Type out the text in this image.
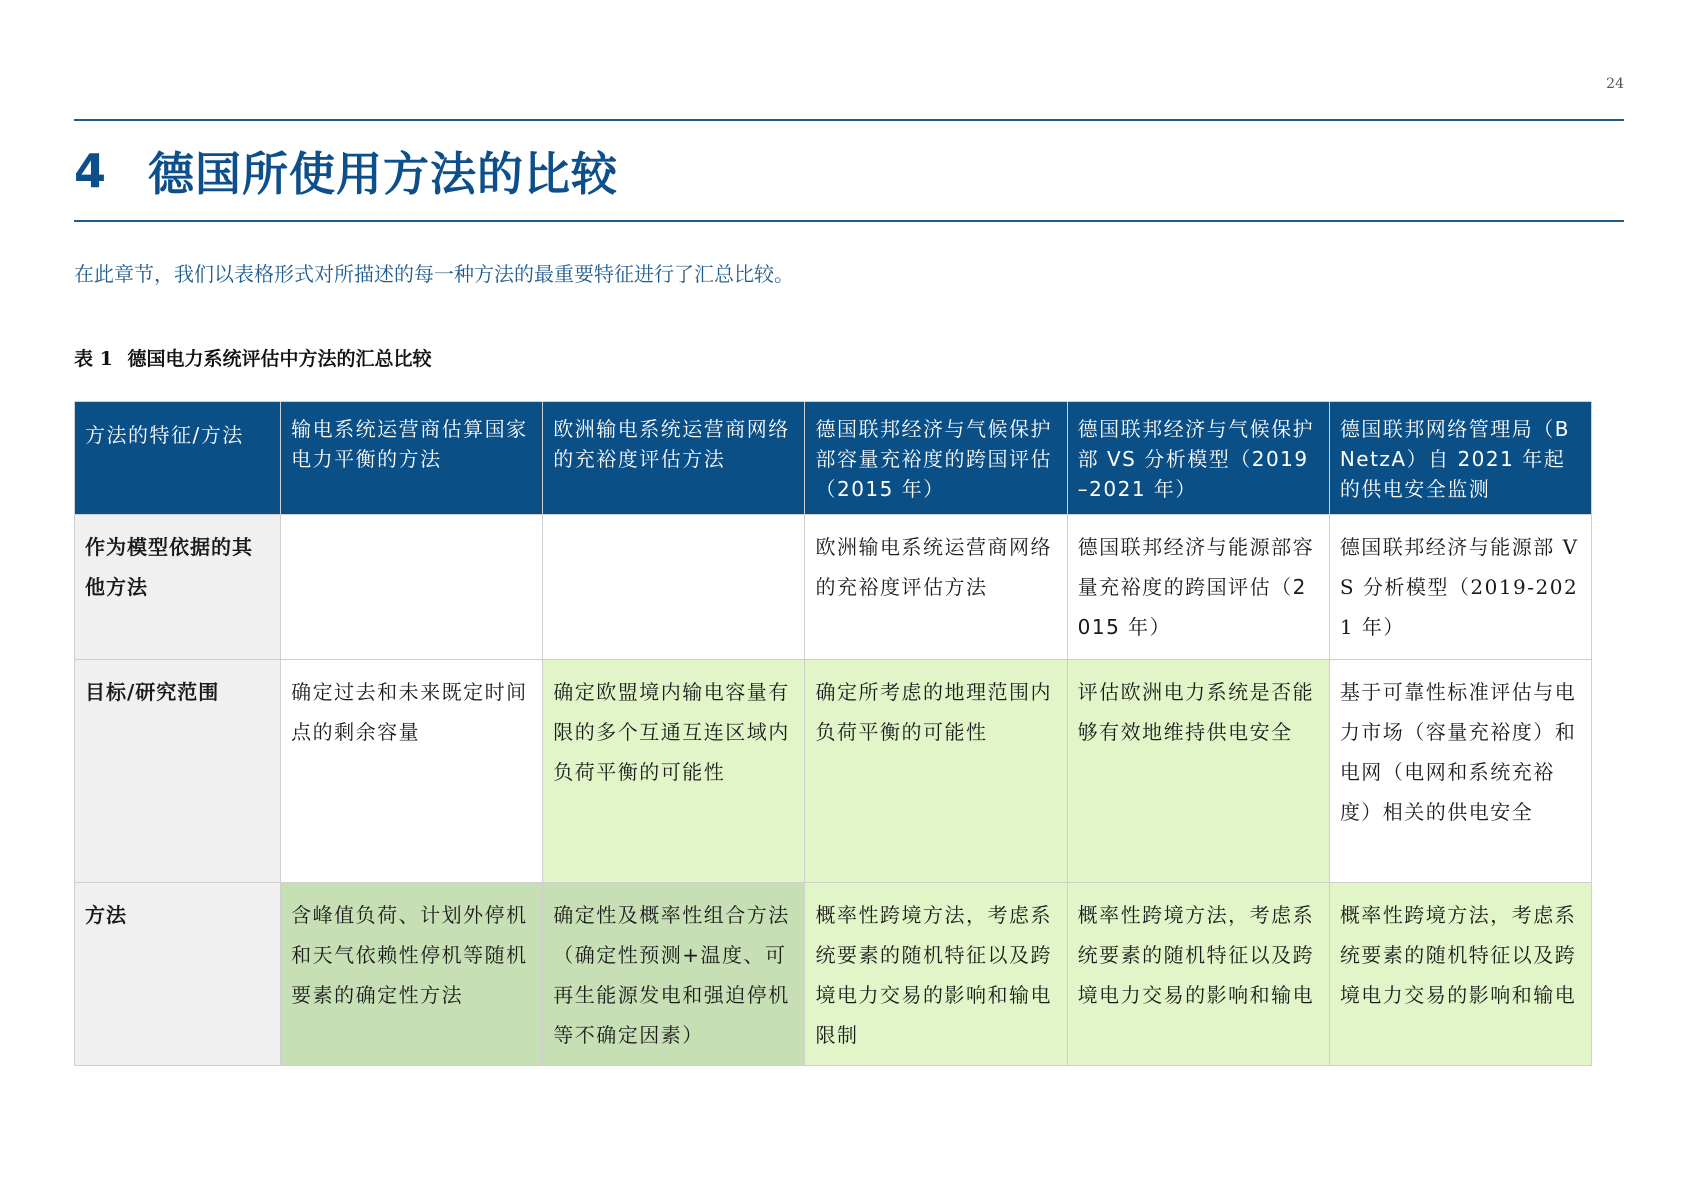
24
4 德国所使用方法的比较

在此章节，我们以表格形式对所描述的每一种方法的最重要特征进行了汇总比较。

表 1 德国电力系统评估中方法的汇总比较

方法的特征/方法	输电系统运营商估算国家电力平衡的方法	欧洲输电系统运营商网络的充裕度评估方法	德国联邦经济与气候保护部容量充裕度的跨国评估（2015 年）	德国联邦经济与气候保护部 VS 分析模型（2019–2021 年）	德国联邦网络管理局（BNetzA）自 2021 年起的供电安全监测
作为模型依据的其他方法			欧洲输电系统运营商网络的充裕度评估方法	德国联邦经济与能源部容量充裕度的跨国评估（2015 年）	德国联邦经济与能源部 VS 分析模型（2019-2021 年）
目标/研究范围	确定过去和未来既定时间点的剩余容量	确定欧盟境内输电容量有限的多个互通互连区域内负荷平衡的可能性	确定所考虑的地理范围内负荷平衡的可能性	评估欧洲电力系统是否能够有效地维持供电安全	基于可靠性标准评估与电力市场（容量充裕度）和电网（电网和系统充裕度）相关的供电安全
方法	含峰值负荷、计划外停机和天气依赖性停机等随机要素的确定性方法	确定性及概率性组合方法（确定性预测+温度、可再生能源发电和强迫停机等不确定因素）	概率性跨境方法，考虑系统要素的随机特征以及跨境电力交易的影响和输电限制	概率性跨境方法，考虑系统要素的随机特征以及跨境电力交易的影响和输电	概率性跨境方法，考虑系统要素的随机特征以及跨境电力交易的影响和输电
